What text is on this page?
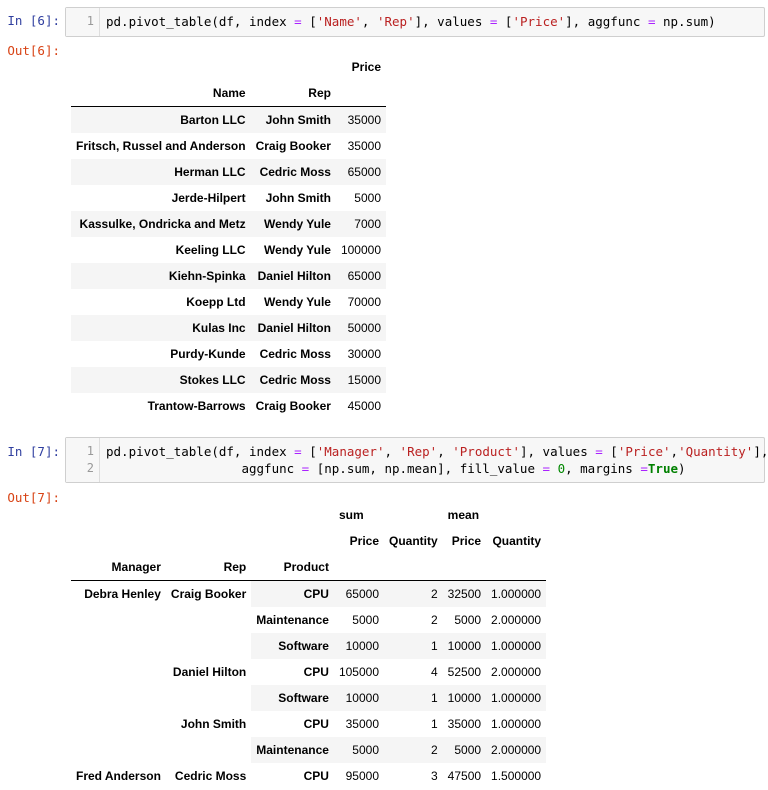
In [6]:	1 pd.pivot_table(df, index = ['Name', 'Rep'], values = ['Price'], aggfunc = np.sum)
Out[6]:
		Price
Name	Rep	
Barton LLC	John Smith	35000
Fritsch, Russel and Anderson	Craig Booker	35000
Herman LLC	Cedric Moss	65000
Jerde-Hilpert	John Smith	5000
Kassulke, Ondricka and Metz	Wendy Yule	7000
Keeling LLC	Wendy Yule	100000
Kiehn-Spinka	Daniel Hilton	65000
Koepp Ltd	Wendy Yule	70000
Kulas Inc	Daniel Hilton	50000
Purdy-Kunde	Cedric Moss	30000
Stokes LLC	Cedric Moss	15000
Trantow-Barrows	Craig Booker	45000
In [7]:	1
2
pd.pivot_table(df, index = ['Manager', 'Rep', 'Product'], values = ['Price','Quantity'],
aggfunc = [np.sum, np.mean], fill_value = 0, margins =True)
Out[7]:
			sum		mean	
			Price	Quantity	Price	Quantity
Manager	Rep	Product				
Debra Henley	Craig Booker	CPU	65000	2	32500	1.000000
		Maintenance	5000	2	5000	2.000000
		Software	10000	1	10000	1.000000
	Daniel Hilton	CPU	105000	4	52500	2.000000
		Software	10000	1	10000	1.000000
	John Smith	CPU	35000	1	35000	1.000000
		Maintenance	5000	2	5000	2.000000
Fred Anderson	Cedric Moss	CPU	95000	3	47500	1.500000
